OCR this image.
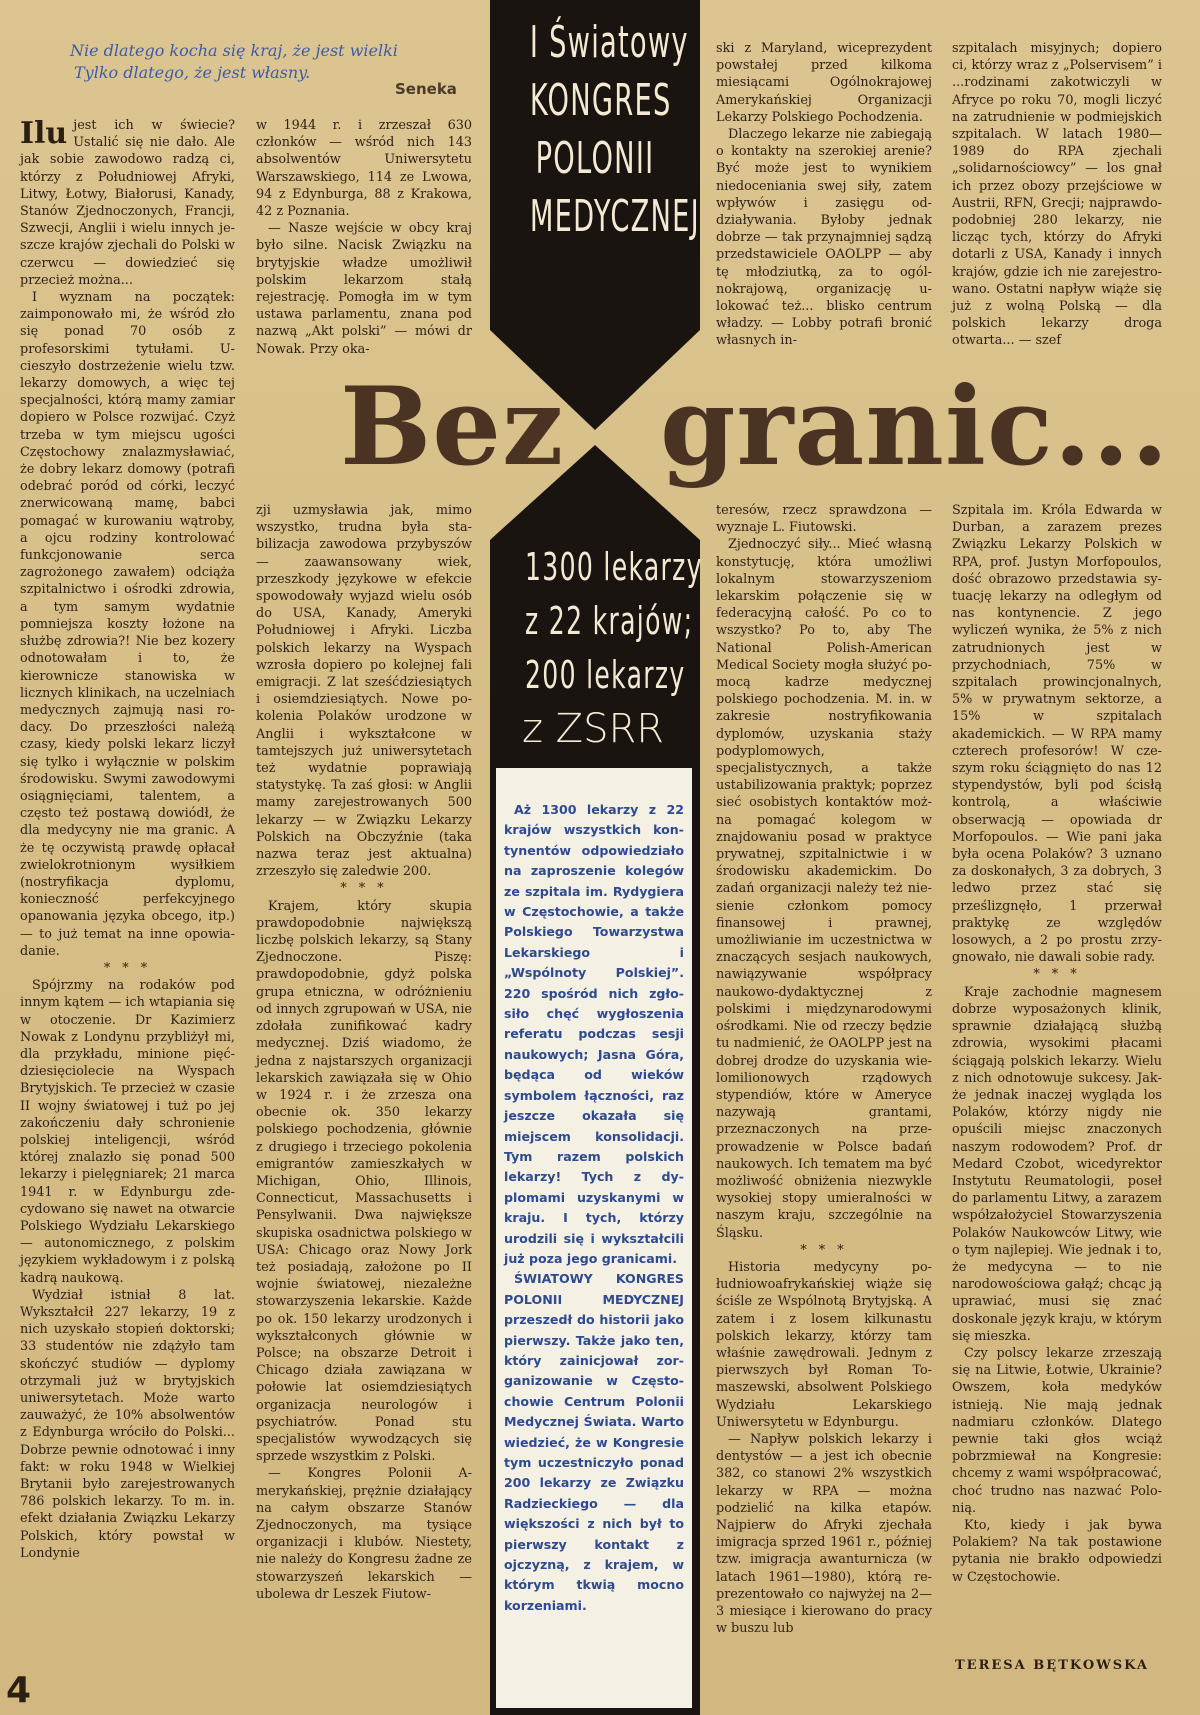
Nie dlatego kocha się kraj, że jest wielki
Tylko dlatego, że jest własny.
Seneka
I Światowy
KONGRES
POLONII
MEDYCZNEJ
Bez granic...
1300 lekarzy
z 22 krajów;
200 lekarzy
z ZSRR

Ilu jest ich w świecie? Ustalić się nie dało. Ale jak sobie zawodowo radzą ci, którzy z Południowej Afryki, Litwy, Łotwy, Białorusi, Kanady, Stanów Zjednoczonych, Francji, Szwecji, Anglii i wielu innych jeszcze krajów zjechali do Polski w czerwcu — dowiedzieć się przecież można...

I wyznam na początek: zaimponowało mi, że wśród zło się ponad 70 osób z profesorskimi tytułami. Ucieszyło dostrzeżenie wielu tzw. lekarzy domowych, a więc tej specjalności, którą mamy zamiar dopiero w Polsce rozwijać. Czyż trzeba w tym miejscu ugości Częstochowy znalazmysławiać, że dobry lekarz domowy (potrafi odebrać poród od córki, leczyć znerwicowaną mamę, babci pomagać w kurowaniu wątroby, a ojcu rodziny kontrolować funkcjonowanie serca zagrożonego zawałem) odciąża szpitalnictwo i ośrodki zdrowia, a tym samym wydatnie pomniejsza koszty łożone na służbę zdrowia?! Nie bez kozery odnotowałam i to, że kierownicze stanowiska w licznych klinikach, na uczelniach medycznych zajmują nasi rodacy. Do przeszłości należą czasy, kiedy polski lekarz liczył się tylko i wyłącznie w polskim środowisku. Swymi zawodowymi osiągnięciami, talentem, a często też postawą dowiódł, że dla medycyny nie ma granic. A że tę oczywistą prawdę opłacał zwielokrotnionym wysiłkiem (nostryfikacja dyplomu, konieczność perfekcyjnego opanowania języka obcego, itp.) — to już temat na inne opowiadanie.

* * *

Spójrzmy na rodaków pod innym kątem — ich wtapiania się w otoczenie. Dr Kazimierz Nowak z Londynu przybliżył mi, dla przykładu, minione pięćdziesięciolecie na Wyspach Brytyjskich. Te przecież w czasie II wojny światowej i tuż po jej zakończeniu dały schronienie polskiej inteligencji, wśród której znalazło się ponad 500 lekarzy i pielęgniarek; 21 marca 1941 r. w Edynburgu zdecydowano się nawet na otwarcie Polskiego Wydziału Lekarskiego — autonomicznego, z polskim językiem wykładowym i z polską kadrą naukową.

Wydział istniał 8 lat. Wykształcił 227 lekarzy, 19 z nich uzyskało stopień doktorski; 33 studentów nie zdążyło tam skończyć studiów — dyplomy otrzymali już w brytyjskich uniwersytetach. Może warto zauważyć, że 10% absolwentów z Edynburga wróciło do Polski... Dobrze pewnie odnotować i inny fakt: w roku 1948 w Wielkiej Brytanii było zarejestrowanych 786 polskich lekarzy. To m. in. efekt działania Związku Lekarzy Polskich, który powstał w Londynie

w 1944 r. i zrzeszał 630 członków — wśród nich 143 absolwentów Uniwersytetu Warszawskiego, 114 ze Lwowa, 94 z Edynburga, 88 z Krakowa, 42 z Poznania.

— Nasze wejście w obcy kraj było silne. Nacisk Związku na brytyjskie władze umożliwił polskim lekarzom stałą rejestrację. Pomogła im w tym ustawa parlamentu, znana pod nazwą „Akt polski” — mówi dr Nowak. Przy oka-

zji uzmysławia jak, mimo wszystko, trudna była stabilizacja zawodowa przybyszów — zaawansowany wiek, przeszkody językowe w efekcie spowodowały wyjazd wielu osób do USA, Kanady, Ameryki Południowej i Afryki. Liczba polskich lekarzy na Wyspach wzrosła dopiero po kolejnej fali emigracji. Z lat sześćdziesiątych i osiemdziesiątych. Nowe pokolenia Polaków urodzone w Anglii i wykształcone w tamtejszych już uniwersytetach też wydatnie poprawiają statystykę. Ta zaś głosi: w Anglii mamy zarejestrowanych 500 lekarzy — w Związku Lekarzy Polskich na Obczyźnie (taka nazwa teraz jest aktualna) zrzeszyło się zaledwie 200.

* * *

Krajem, który skupia prawdopodobnie największą liczbę polskich lekarzy, są Stany Zjednoczone. Piszę: prawdopodobnie, gdyż polska grupa etniczna, w odróżnieniu od innych zgrupowań w USA, nie zdołała zunifikować kadry medycznej. Dziś wiadomo, że jedna z najstarszych organizacji lekarskich zawiązała się w Ohio w 1924 r. i że zrzesza ona obecnie ok. 350 lekarzy polskiego pochodzenia, głównie z drugiego i trzeciego pokolenia emigrantów zamieszkałych w Michigan, Ohio, Illinois, Connecticut, Massachusetts i Pensylwanii. Dwa największe skupiska osadnictwa polskiego w USA: Chicago oraz Nowy Jork też posiadają, założone po II wojnie światowej, niezależne stowarzyszenia lekarskie. Każde po ok. 150 lekarzy urodzonych i wykształconych głównie w Polsce; na obszarze Detroit i Chicago działa zawiązana w połowie lat osiemdziesiątych organizacja neurologów i psychiatrów. Ponad stu specjalistów wywodzących się sprzede wszystkim z Polski.

— Kongres Polonii Amerykańskiej, prężnie działający na całym obszarze Stanów Zjednoczonych, ma tysiące organizacji i klubów. Niestety, nie należy do Kongresu żadne ze stowarzyszeń lekarskich — ubolewa dr Leszek Fiutow-

ski z Maryland, wiceprezydent powstałej przed kilkoma miesiącami Ogólnokrajowej Amerykańskiej Organizacji Lekarzy Polskiego Pochodzenia.

Dlaczego lekarze nie zabiegają o kontakty na szerokiej arenie? Być może jest to wynikiem niedoceniania swej siły, zatem wpływów i zasięgu oddziaływania. Byłoby jednak dobrze — tak przynajmniej sądzą przedstawiciele OAOLPP — aby tę młodziutką, za to ogólnokrajową, organizację ulokować też... blisko centrum władzy. — Lobby potrafi bronić własnych in-

teresów, rzecz sprawdzona — wyznaje L. Fiutowski.

Zjednoczyć siły... Mieć własną konstytucję, która umożliwi lokalnym stowarzyszeniom lekarskim połączenie się w federacyjną całość. Po co to wszystko? Po to, aby The National Polish-American Medical Society mogła służyć pomocą kadrze medycznej polskiego pochodzenia. M. in. w zakresie nostryfikowania dyplomów, uzyskania staży podyplomowych, specjalistycznych, a także ustabilizowania praktyk; poprzez sieć osobistych kontaktów można pomagać kolegom w znajdowaniu posad w praktyce prywatnej, szpitalnictwie i w środowisku akademickim. Do zadań organizacji należy też niesienie członkom pomocy finansowej i prawnej, umożliwianie im uczestnictwa w znaczących sesjach naukowych, nawiązywanie współpracy naukowo-dydaktycznej z polskimi i międzynarodowymi ośrodkami. Nie od rzeczy będzie tu nadmienić, że OAOLPP jest na dobrej drodze do uzyskania wielomilionowych rządowych stypendiów, które w Ameryce nazywają grantami, przeznaczonych na przeprowadzenie w Polsce badań naukowych. Ich tematem ma być możliwość obniżenia niezwykle wysokiej stopy umieralności w naszym kraju, szczególnie na Śląsku.

* * *

Historia medycyny południowoafrykańskiej wiąże się ściśle ze Wspólnotą Brytyjską. A zatem i z losem kilkunastu polskich lekarzy, którzy tam właśnie zawędrowali. Jednym z pierwszych był Roman Tomaszewski, absolwent Polskiego Wydziału Lekarskiego Uniwersytetu w Edynburgu.

— Napływ polskich lekarzy i dentystów — a jest ich obecnie 382, co stanowi 2% wszystkich lekarzy w RPA — można podzielić na kilka etapów. Najpierw do Afryki zjechała imigracja sprzed 1961 r., później tzw. imigracja awanturnicza (w latach 1961—1980), którą reprezentowało co najwyżej na 2—3 miesiące i kierowano do pracy w buszu lub

szpitalach misyjnych; dopiero ci, którzy wraz z „Polservisem” i ...rodzinami zakotwiczyli w Afryce po roku 70, mogli liczyć na zatrudnienie w podmiejskich szpitalach. W latach 1980—1989 do RPA zjechali „solidarnościowcy” — los gnał ich przez obozy przejściowe w Austrii, RFN, Grecji; najprawdopodobniej 280 lekarzy, nie licząc tych, którzy do Afryki dotarli z USA, Kanady i innych krajów, gdzie ich nie zarejestrowano. Ostatni napływ wiąże się już z wolną Polską — dla polskich lekarzy droga otwarta... — szef

Szpitala im. Króla Edwarda w Durban, a zarazem prezes Związku Lekarzy Polskich w RPA, prof. Justyn Morfopoulos, dość obrazowo przedstawia sytuację lekarzy na odległym od nas kontynencie. Z jego wyliczeń wynika, że 5% z nich zatrudnionych jest w przychodniach, 75% w szpitalach prowincjonalnych, 5% w prywatnym sektorze, a 15% w szpitalach akademickich. — W RPA mamy czterech profesorów! W czeszym roku ściągnięto do nas 12 stypendystów, byli pod ścisłą kontrolą, a właściwie obserwacją — opowiada dr Morfopoulos. — Wie pani jaka była ocena Polaków? 3 uznano za doskonałych, 3 za dobrych, 3 ledwo przez stać się prześlizgnęło, 1 przerwał praktykę ze względów losowych, a 2 po prostu zrzygnowało, nie dawali sobie rady.

* * *

Kraje zachodnie magnesem dobrze wyposażonych klinik, sprawnie działającą służbą zdrowia, wysokimi płacami ściągają polskich lekarzy. Wielu z nich odnotowuje sukcesy. Jakże jednak inaczej wygląda los Polaków, którzy nigdy nie opuścili miejsc znaczonych naszym rodowodem? Prof. dr Medard Czobot, wicedyrektor Instytutu Reumatologii, poseł do parlamentu Litwy, a zarazem współzałożyciel Stowarzyszenia Polaków Naukowców Litwy, wie o tym najlepiej. Wie jednak i to, że medycyna — to nie narodowościowa gałąź; chcąc ją uprawiać, musi się znać doskonale język kraju, w którym się mieszka.

Czy polscy lekarze zrzeszają się na Litwie, Łotwie, Ukrainie? Owszem, koła medyków istnieją. Nie mają jednak nadmiaru członków. Dlatego pewnie taki głos wciąż pobrzmiewał na Kongresie: chcemy z wami współpracować, choć trudno nas nazwać Polonią.

Kto, kiedy i jak bywa Polakiem? Na tak postawione pytania nie brakło odpowiedzi w Częstochowie.

Aż 1300 lekarzy z 22 krajów wszystkich kontynentów odpowiedziało na zaproszenie kolegów ze szpitala im. Rydygiera w Częstochowie, a także Polskiego Towarzystwa Lekarskiego i „Wspólnoty Polskiej”. 220 spośród nich zgłosiło chęć wygłoszenia referatu podczas sesji naukowych; Jasna Góra, będąca od wieków symbolem łączności, raz jeszcze okazała się miejscem konsolidacji. Tym razem polskich lekarzy! Tych z dyplomami uzyskanymi w kraju. I tych, którzy urodzili się i wykształcili już poza jego granicami.

ŚWIATOWY KONGRES POLONII MEDYCZNEJ przeszedł do historii jako pierwszy. Także jako ten, który zainicjował zorganizowanie w Częstochowie Centrum Polonii Medycznej Świata. Warto wiedzieć, że w Kongresie tym uczestniczyło ponad 200 lekarzy ze Związku Radzieckiego — dla większości z nich był to pierwszy kontakt z ojczyzną, z krajem, w którym tkwią mocno korzeniami.

4
TERESA BĘTKOWSKA
